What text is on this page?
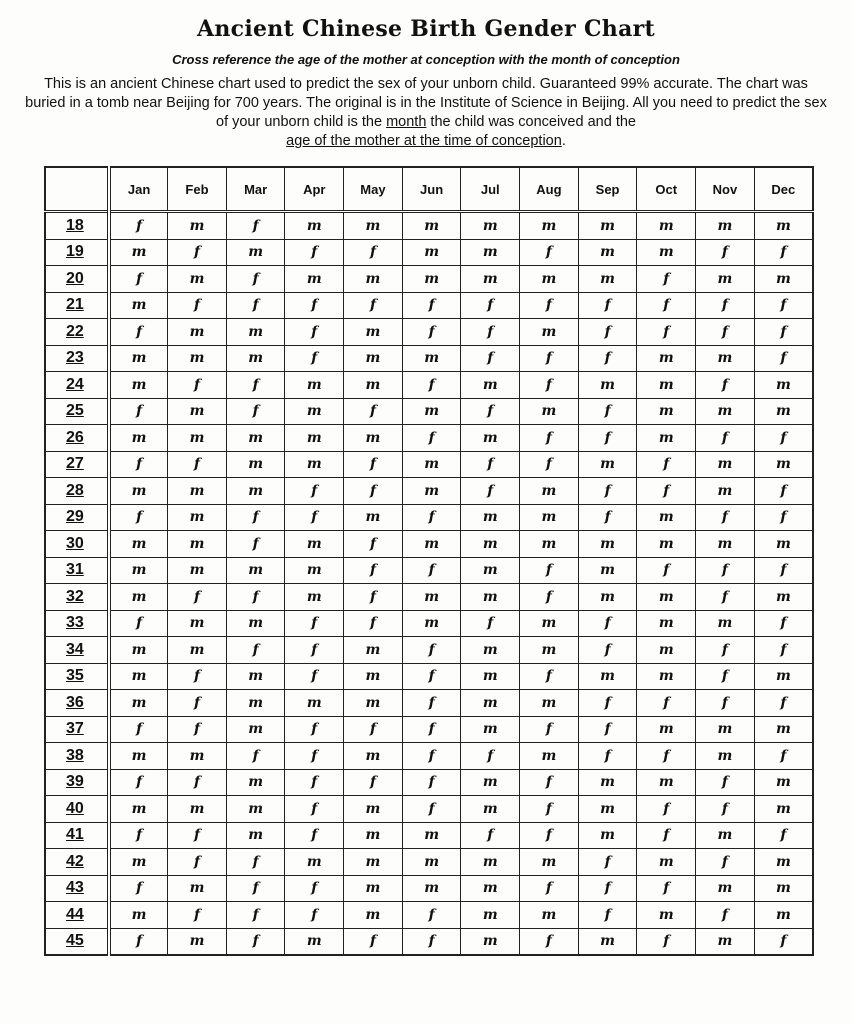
Ancient Chinese Birth Gender Chart
Cross reference the age of the mother at conception with the month of conception
This is an ancient Chinese chart used to predict the sex of your unborn child. Guaranteed 99% accurate. The chart was buried in a tomb near Beijing for 700 years. The original is in the Institute of Science in Beijing. All you need to predict the sex of your unborn child is the month the child was conceived and the
age of the mother at the time of conception.
	Jan	Feb	Mar	Apr	May	Jun	Jul	Aug	Sep	Oct	Nov	Dec
18	f	m	f	m	m	m	m	m	m	m	m	m
19	m	f	m	f	f	m	m	f	m	m	f	f
20	f	m	f	m	m	m	m	m	m	f	m	m
21	m	f	f	f	f	f	f	f	f	f	f	f
22	f	m	m	f	m	f	f	m	f	f	f	f
23	m	m	m	f	m	m	f	f	f	m	m	f
24	m	f	f	m	m	f	m	f	m	m	f	m
25	f	m	f	m	f	m	f	m	f	m	m	m
26	m	m	m	m	m	f	m	f	f	m	f	f
27	f	f	m	m	f	m	f	f	m	f	m	m
28	m	m	m	f	f	m	f	m	f	f	m	f
29	f	m	f	f	m	f	m	m	f	m	f	f
30	m	m	f	m	f	m	m	m	m	m	m	m
31	m	m	m	m	f	f	m	f	m	f	f	f
32	m	f	f	m	f	m	m	f	m	m	f	m
33	f	m	m	f	f	m	f	m	f	m	m	f
34	m	m	f	f	m	f	m	m	f	m	f	f
35	m	f	m	f	m	f	m	f	m	m	f	m
36	m	f	m	m	m	f	m	m	f	f	f	f
37	f	f	m	f	f	f	m	f	f	m	m	m
38	m	m	f	f	m	f	f	m	f	f	m	f
39	f	f	m	f	f	f	m	f	m	m	f	m
40	m	m	m	f	m	f	m	f	m	f	f	m
41	f	f	m	f	m	m	f	f	m	f	m	f
42	m	f	f	m	m	m	m	m	f	m	f	m
43	f	m	f	f	m	m	m	f	f	f	m	m
44	m	f	f	f	m	f	m	m	f	m	f	m
45	f	m	f	m	f	f	m	f	m	f	m	f
